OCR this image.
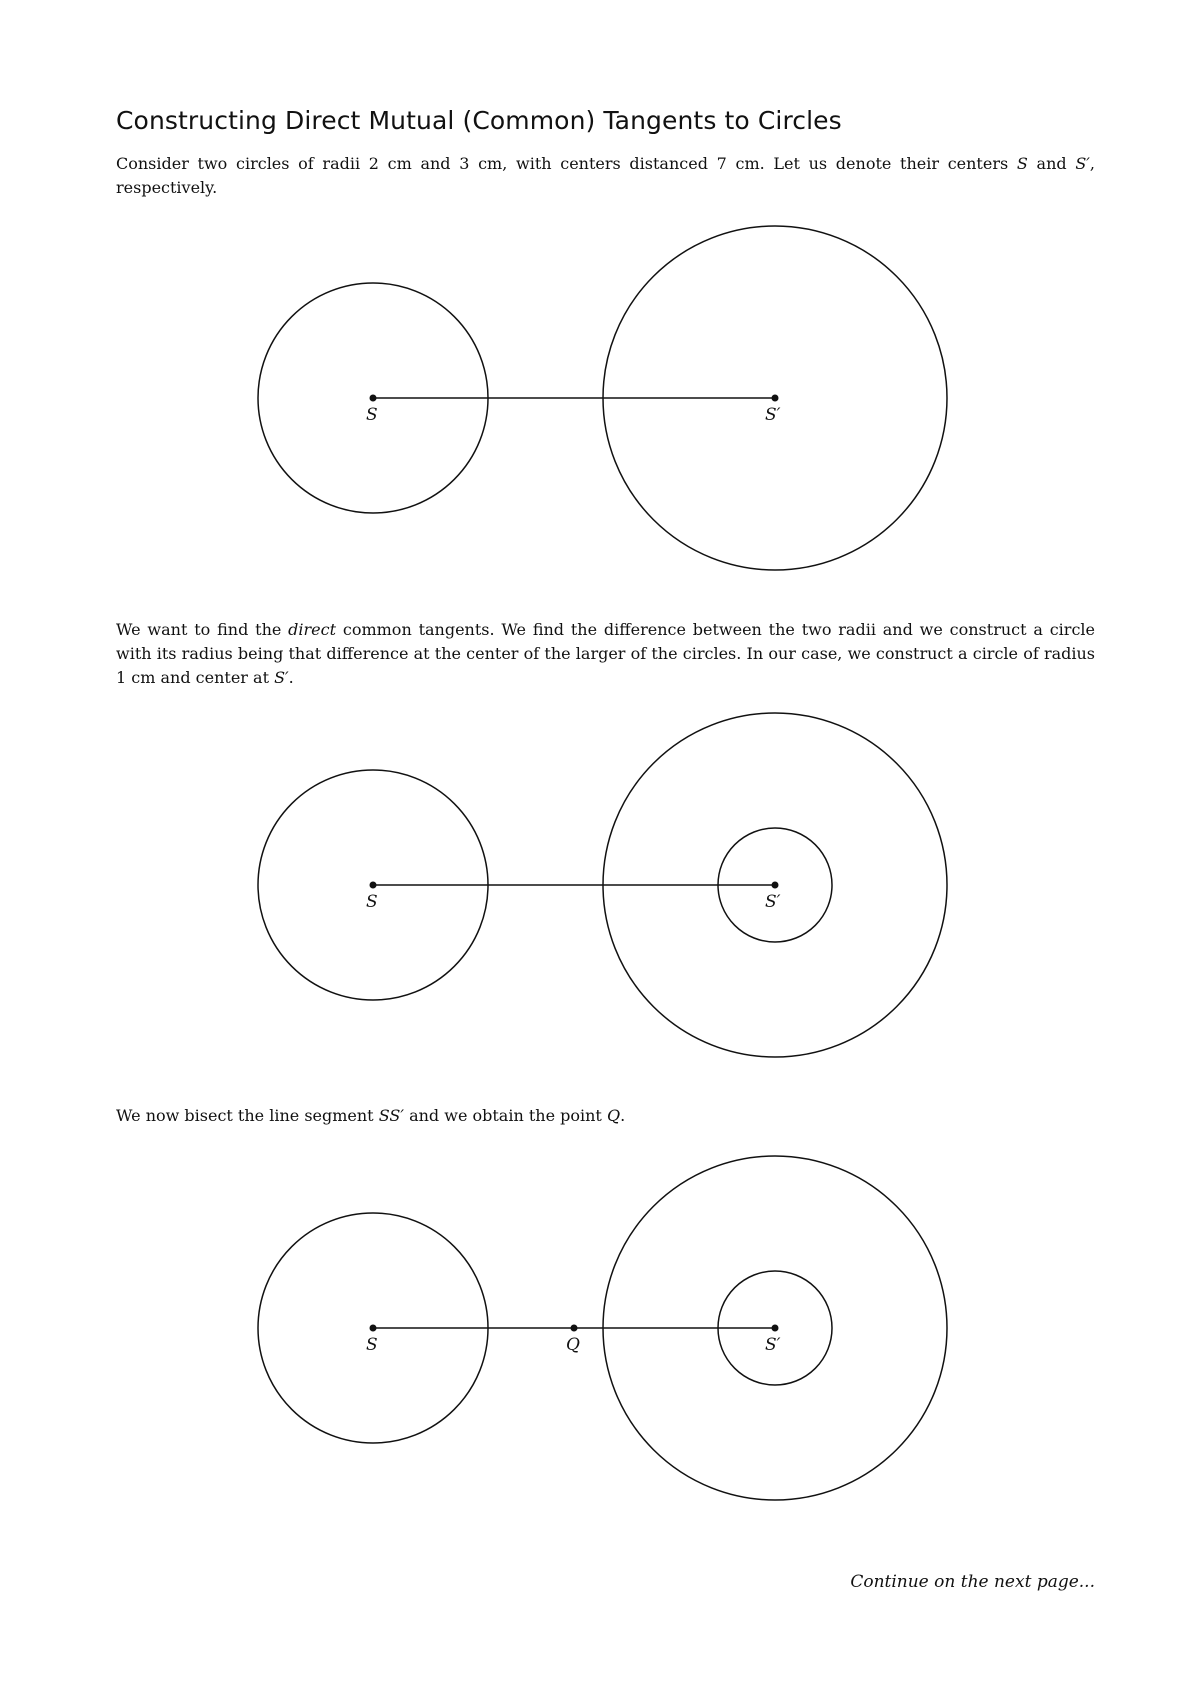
Constructing Direct Mutual (Common) Tangents to Circles

Consider two circles of radii 2 cm and 3 cm, with centers distanced 7 cm. Let us denote their centers S and S′, respectively.

S	S′

We want to find the direct common tangents. We find the difference between the two radii and we construct a circle with its radius being that difference at the center of the larger of the circles. In our case, we construct a circle of radius 1 cm and center at S′.

S	S′

We now bisect the line segment SS′ and we obtain the point Q.

S	Q	S′

Continue on the next page...
